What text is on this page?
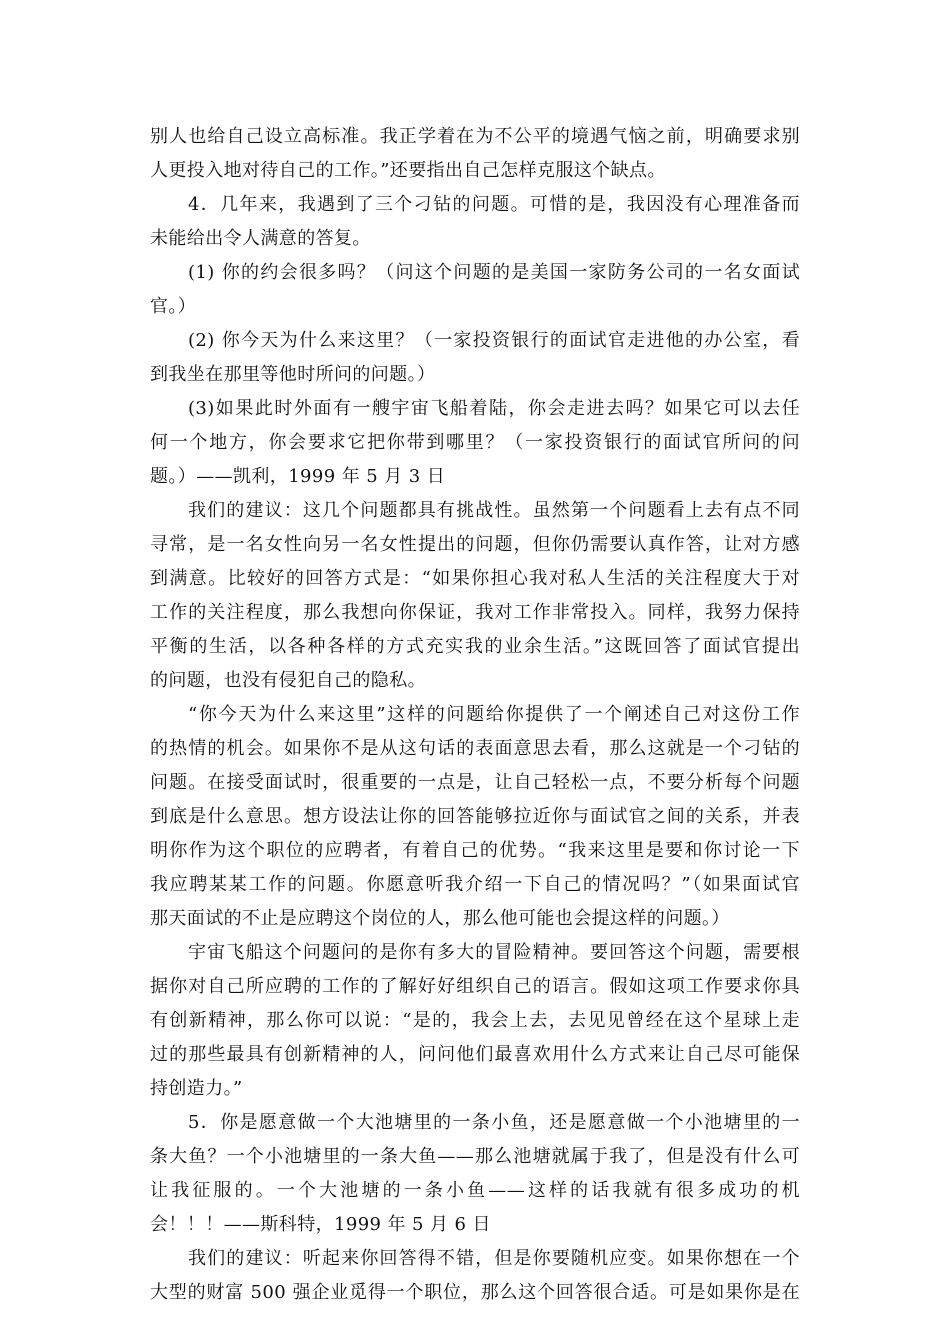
别人也给自己设立高标准。我正学着在为不公平的境遇气恼之前，明确要求别
人更投入地对待自己的工作。”还要指出自己怎样克服这个缺点。
4．几年来，我遇到了三个刁钻的问题。可惜的是，我因没有心理准备而
未能给出令人满意的答复。
(1) 你的约会很多吗？（问这个问题的是美国一家防务公司的一名女面试
官。）
(2) 你今天为什么来这里？（一家投资银行的面试官走进他的办公室，看
到我坐在那里等他时所问的问题。）
(3)如果此时外面有一艘宇宙飞船着陆，你会走进去吗？如果它可以去任
何一个地方，你会要求它把你带到哪里？（一家投资银行的面试官所问的问
题。）——凯利，1999 年 5 月 3 日
我们的建议：这几个问题都具有挑战性。虽然第一个问题看上去有点不同
寻常，是一名女性向另一名女性提出的问题，但你仍需要认真作答，让对方感
到满意。比较好的回答方式是：“如果你担心我对私人生活的关注程度大于对
工作的关注程度，那么我想向你保证，我对工作非常投入。同样，我努力保持
平衡的生活，以各种各样的方式充实我的业余生活。”这既回答了面试官提出
的问题，也没有侵犯自己的隐私。
“你今天为什么来这里”这样的问题给你提供了一个阐述自己对这份工作
的热情的机会。如果你不是从这句话的表面意思去看，那么这就是一个刁钻的
问题。在接受面试时，很重要的一点是，让自己轻松一点，不要分析每个问题
到底是什么意思。想方设法让你的回答能够拉近你与面试官之间的关系，并表
明你作为这个职位的应聘者，有着自己的优势。“我来这里是要和你讨论一下
我应聘某某工作的问题。你愿意听我介绍一下自己的情况吗？”（如果面试官
那天面试的不止是应聘这个岗位的人，那么他可能也会提这样的问题。）
宇宙飞船这个问题问的是你有多大的冒险精神。要回答这个问题，需要根
据你对自己所应聘的工作的了解好好组织自己的语言。假如这项工作要求你具
有创新精神，那么你可以说：“是的，我会上去，去见见曾经在这个星球上走
过的那些最具有创新精神的人，问问他们最喜欢用什么方式来让自己尽可能保
持创造力。”
5．你是愿意做一个大池塘里的一条小鱼，还是愿意做一个小池塘里的一
条大鱼？一个小池塘里的一条大鱼——那么池塘就属于我了，但是没有什么可
让我征服的。一个大池塘的一条小鱼——这样的话我就有很多成功的机
会！！！——斯科特，1999 年 5 月 6 日
我们的建议：听起来你回答得不错，但是你要随机应变。如果你想在一个
大型的财富 500 强企业觅得一个职位，那么这个回答很合适。可是如果你是在
